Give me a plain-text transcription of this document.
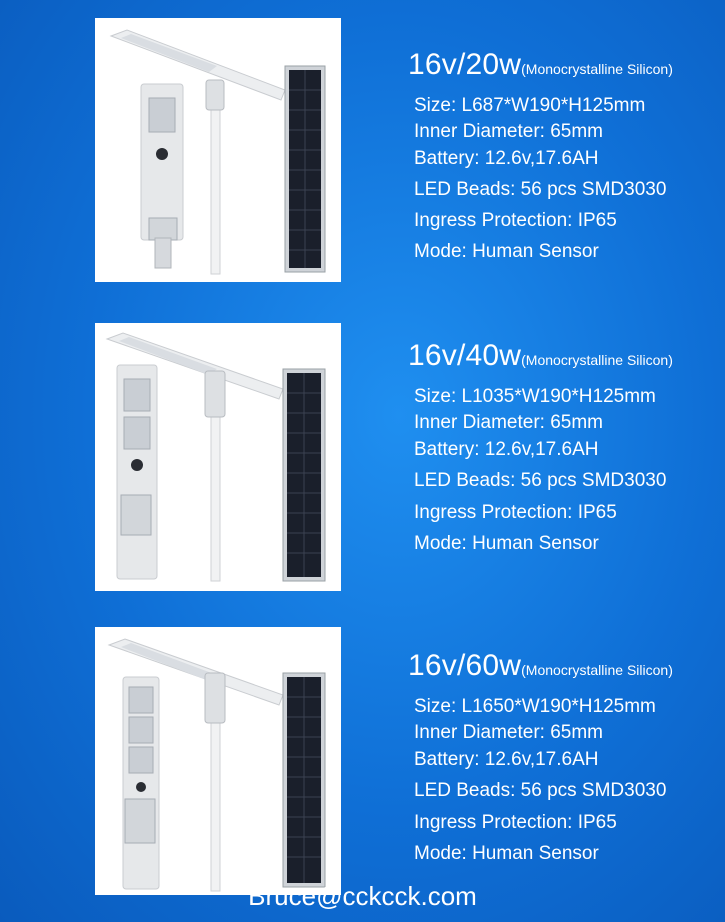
16v/20w(Monocrystalline Silicon)
Size: L687*W190*H125mm
Inner Diameter: 65mm
Battery: 12.6v,17.6AH
LED Beads: 56 pcs SMD3030
Ingress Protection: IP65
Mode: Human Sensor
16v/40w(Monocrystalline Silicon)
Size: L1035*W190*H125mm
Inner Diameter: 65mm
Battery: 12.6v,17.6AH
LED Beads: 56 pcs SMD3030
Ingress Protection: IP65
Mode: Human Sensor
16v/60w(Monocrystalline Silicon)
Size: L1650*W190*H125mm
Inner Diameter: 65mm
Battery: 12.6v,17.6AH
LED Beads: 56 pcs SMD3030
Ingress Protection: IP65
Mode: Human Sensor
Bruce@cckcck.com
